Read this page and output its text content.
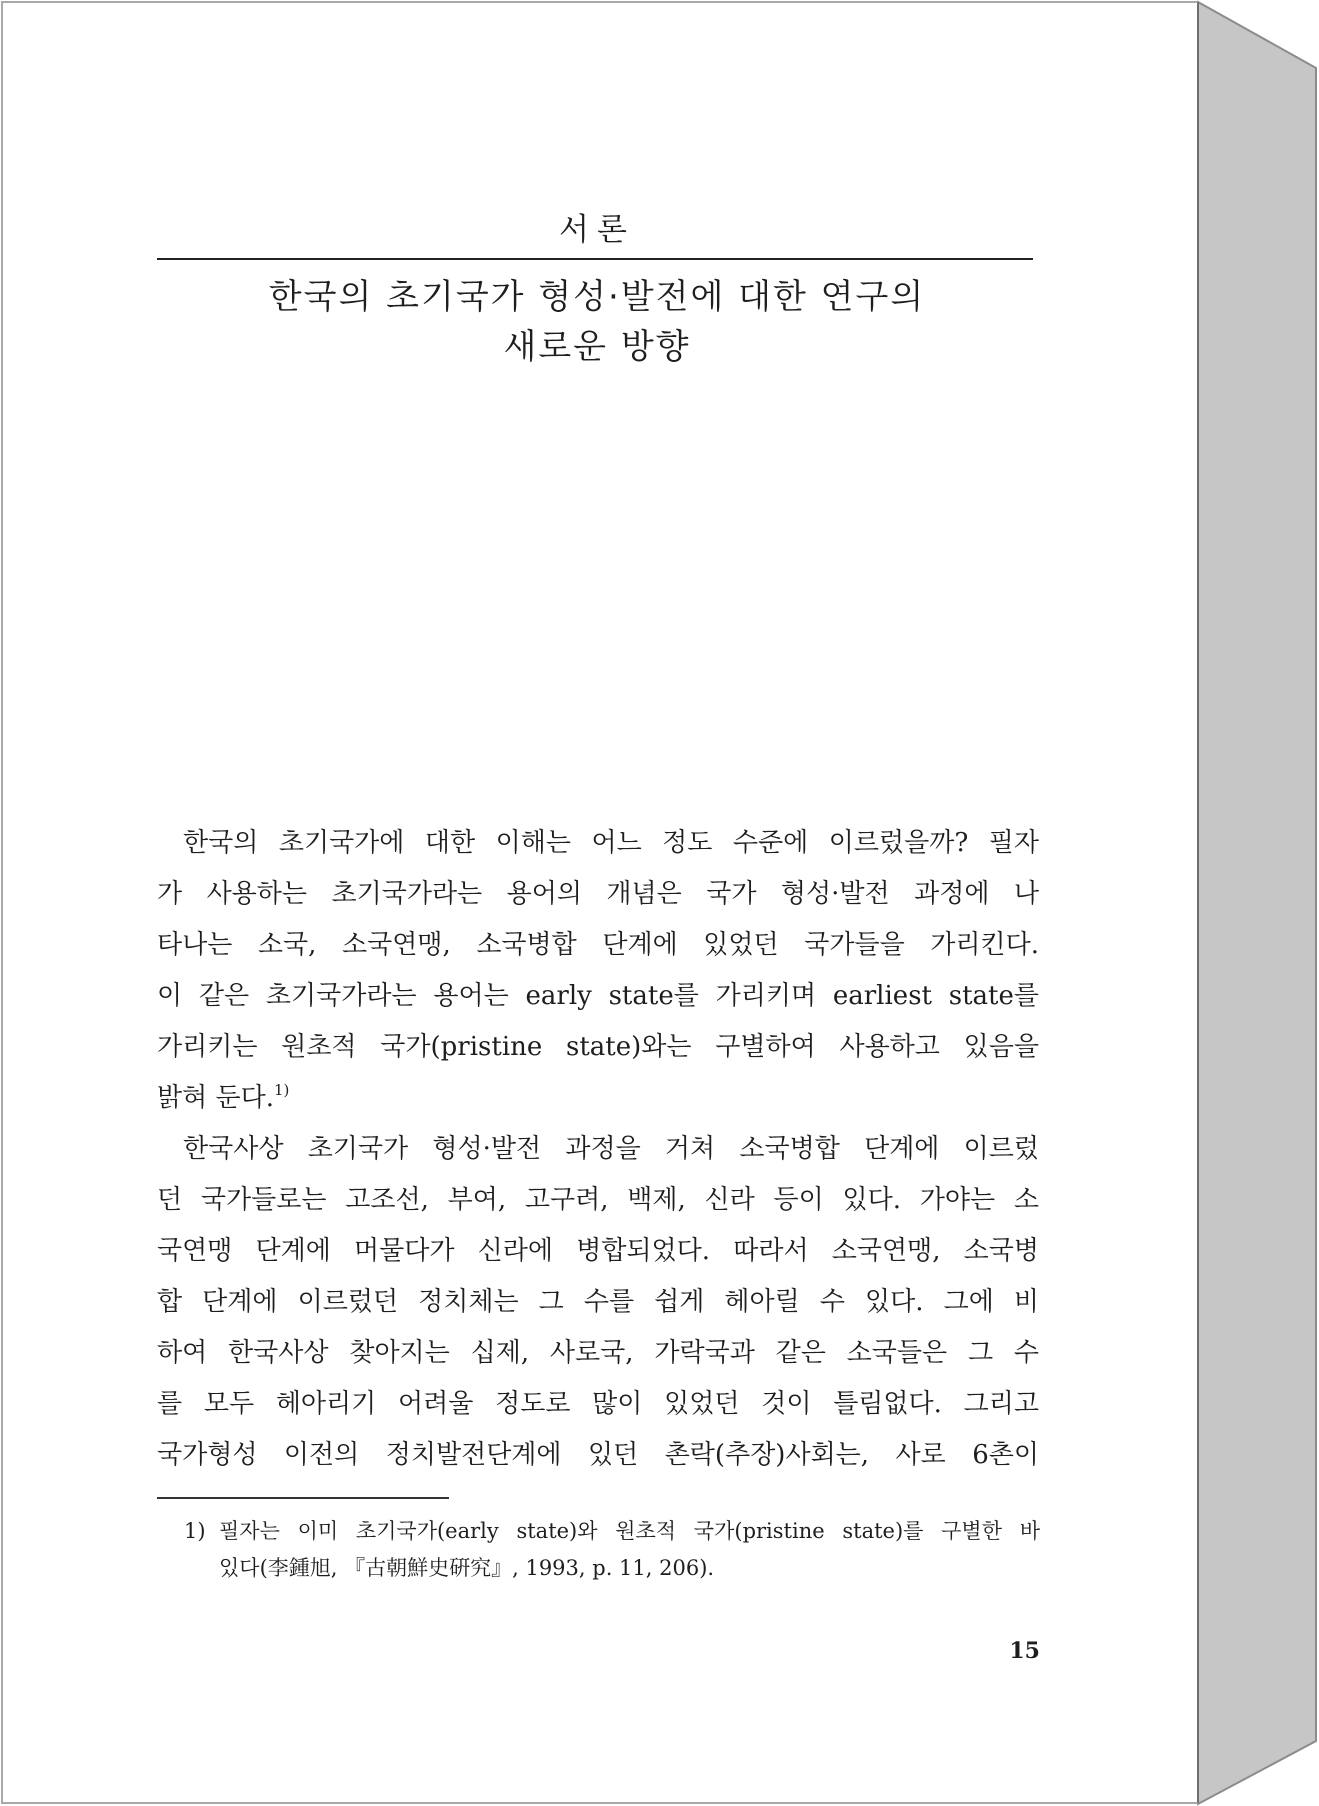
서론
한국의 초기국가 형성·발전에 대한 연구의
새로운 방향
한국의 초기국가에 대한 이해는 어느 정도 수준에 이르렀을까? 필자
가 사용하는 초기국가라는 용어의 개념은 국가 형성·발전 과정에 나
타나는 소국, 소국연맹, 소국병합 단계에 있었던 국가들을 가리킨다.
이 같은 초기국가라는 용어는 early state를 가리키며 earliest state를
가리키는 원초적 국가(pristine state)와는 구별하여 사용하고 있음을
밝혀 둔다.$^{1)}$
한국사상 초기국가 형성·발전 과정을 거쳐 소국병합 단계에 이르렀
던 국가들로는 고조선, 부여, 고구려, 백제, 신라 등이 있다. 가야는 소
국연맹 단계에 머물다가 신라에 병합되었다. 따라서 소국연맹, 소국병
합 단계에 이르렀던 정치체는 그 수를 쉽게 헤아릴 수 있다. 그에 비
하여 한국사상 찾아지는 십제, 사로국, 가락국과 같은 소국들은 그 수
를 모두 헤아리기 어려울 정도로 많이 있었던 것이 틀림없다. 그리고
국가형성 이전의 정치발전단계에 있던 촌락(추장)사회는, 사로 6촌이
1) 필자는 이미 초기국가(early state)와 원초적 국가(pristine state)를 구별한 바
있다(李鍾旭, 『古朝鮮史硏究』, 1993, p. 11, 206).
15
